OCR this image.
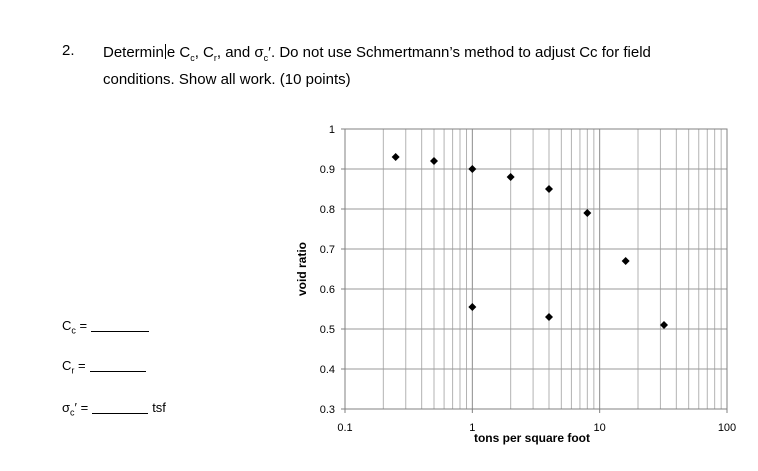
2. Determin e $C_c$, $C_r$, and $\sigma_c'$. Do not use Schmertmann’s method to adjust Cc for field
conditions. Show all work. (10 points)
$C_c$ =
$C_r$ =
$\sigma_c'$ =	tsf
0.1	1	10	100
1
0.9
0.8
0.7
0.6
0.5
0.4
0.3
void ratio
tons per square foot
